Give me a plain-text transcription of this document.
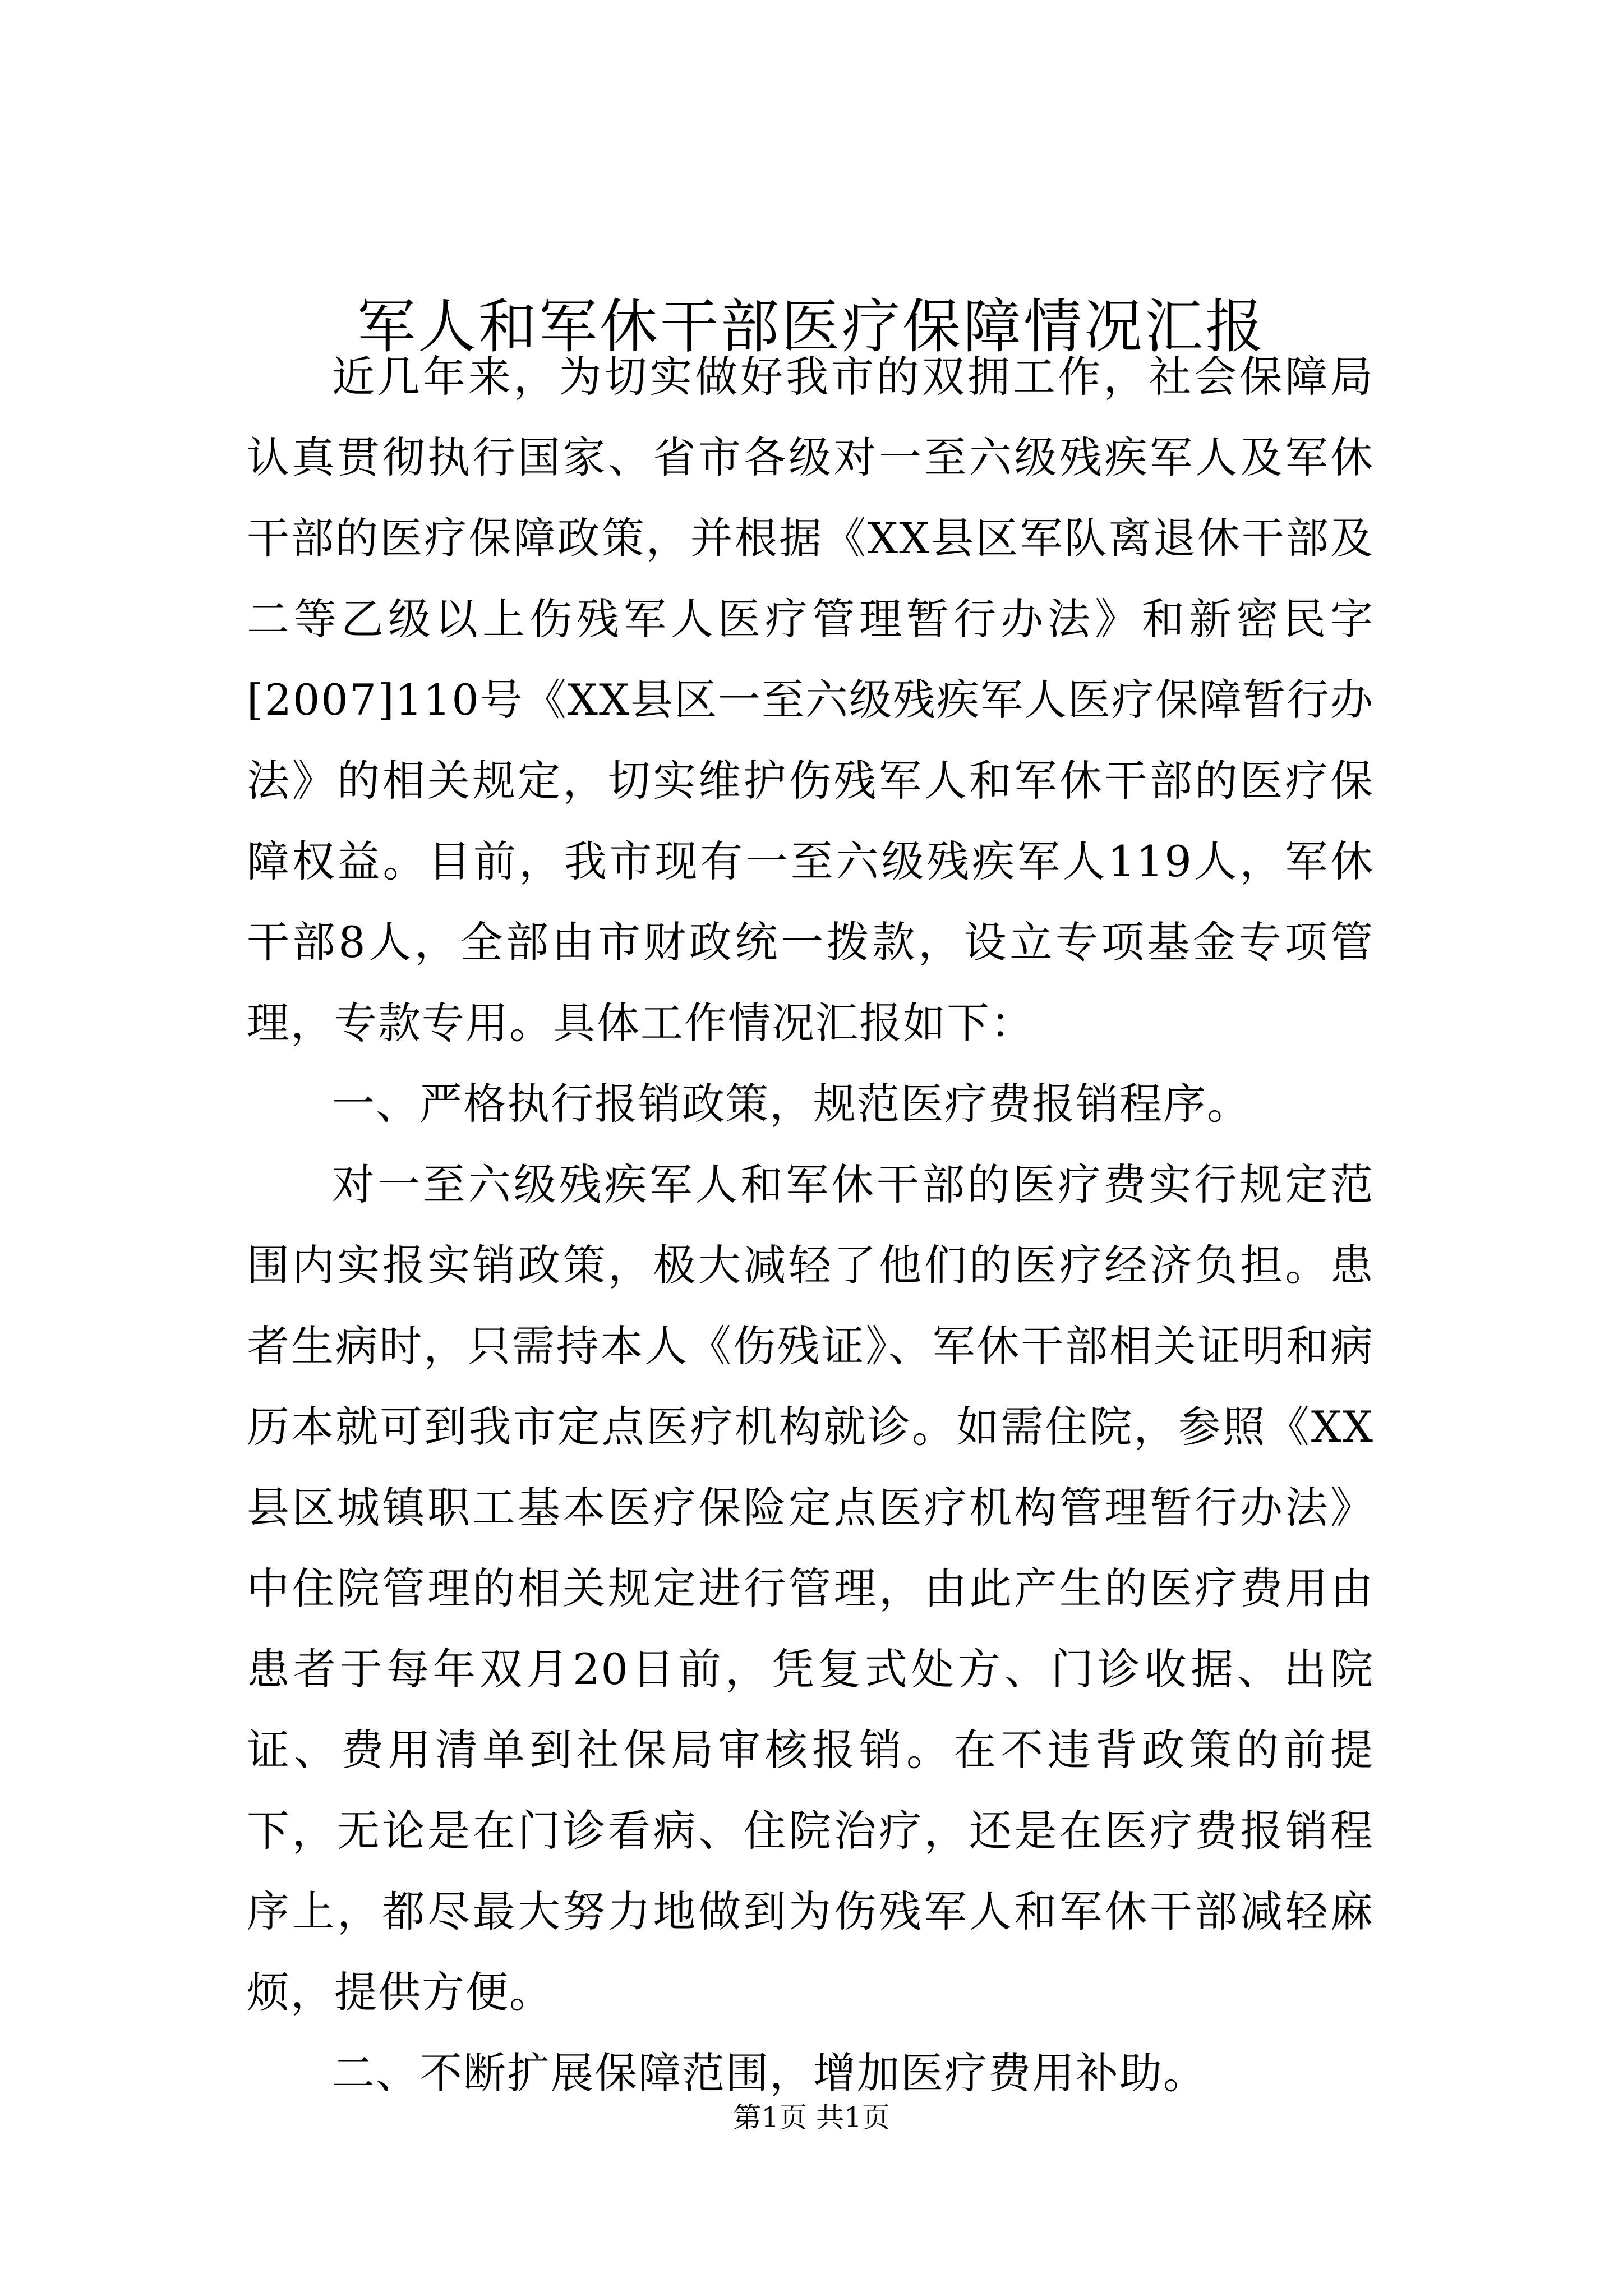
军人和军休干部医疗保障情况汇报

近几年来，为切实做好我市的双拥工作，社会保障局认真贯彻执行国家、省市各级对一至六级残疾军人及军休干部的医疗保障政策，并根据《XX县区军队离退休干部及二等乙级以上伤残军人医疗管理暂行办法》和新密民字[2007]110号《XX县区一至六级残疾军人医疗保障暂行办法》的相关规定，切实维护伤残军人和军休干部的医疗保障权益。目前，我市现有一至六级残疾军人119人，军休干部8人，全部由市财政统一拨款，设立专项基金专项管理，专款专用。具体工作情况汇报如下：

一、严格执行报销政策，规范医疗费报销程序。

对一至六级残疾军人和军休干部的医疗费实行规定范围内实报实销政策，极大减轻了他们的医疗经济负担。患者生病时，只需持本人《伤残证》、军休干部相关证明和病历本就可到我市定点医疗机构就诊。如需住院，参照《XX县区城镇职工基本医疗保险定点医疗机构管理暂行办法》中住院管理的相关规定进行管理，由此产生的医疗费用由患者于每年双月20日前，凭复式处方、门诊收据、出院证、费用清单到社保局审核报销。在不违背政策的前提下，无论是在门诊看病、住院治疗，还是在医疗费报销程序上，都尽最大努力地做到为伤残军人和军休干部减轻麻烦，提供方便。

二、不断扩展保障范围，增加医疗费用补助。

第1页 共1页
